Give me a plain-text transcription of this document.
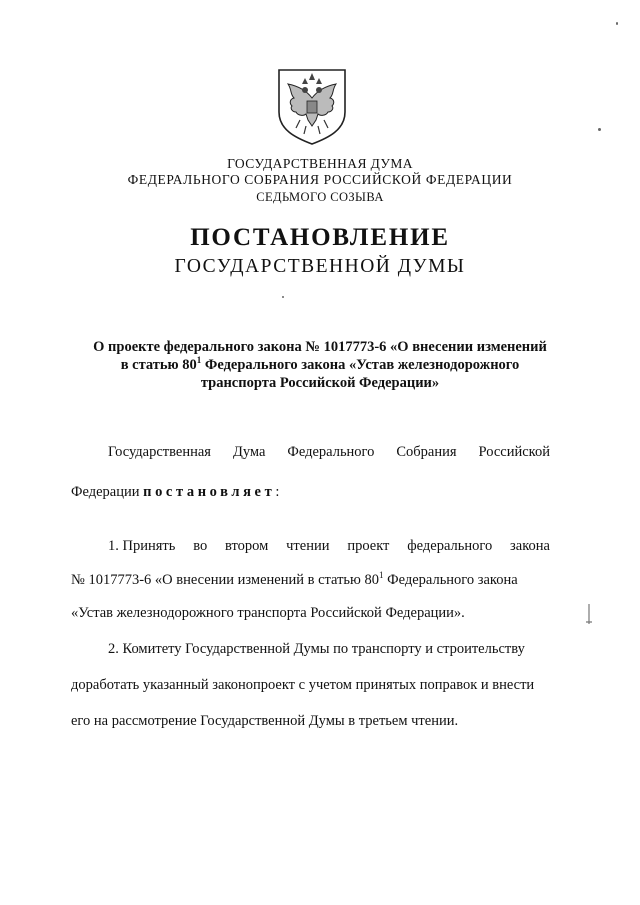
ГОСУДАРСТВЕННАЯ ДУМА
ФЕДЕРАЛЬНОГО СОБРАНИЯ РОССИЙСКОЙ ФЕДЕРАЦИИ
СЕДЬМОГО СОЗЫВА
ПОСТАНОВЛЕНИЕ
ГОСУДАРСТВЕННОЙ ДУМЫ
О проекте федерального закона № 1017773-6 «О внесении изменений
в статью $80^1$ Федерального закона «Устав железнодорожного
транспорта Российской Федерации»
Государственная Дума Федерального Собрания Российской
Федерации постановляет:
1. Принять во втором чтении проект федерального закона
№ 1017773-6 «О внесении изменений в статью $80^1$ Федерального закона
«Устав железнодорожного транспорта Российской Федерации».
2. Комитету Государственной Думы по транспорту и строительству
доработать указанный законопроект с учетом принятых поправок и внести
его на рассмотрение Государственной Думы в третьем чтении.
